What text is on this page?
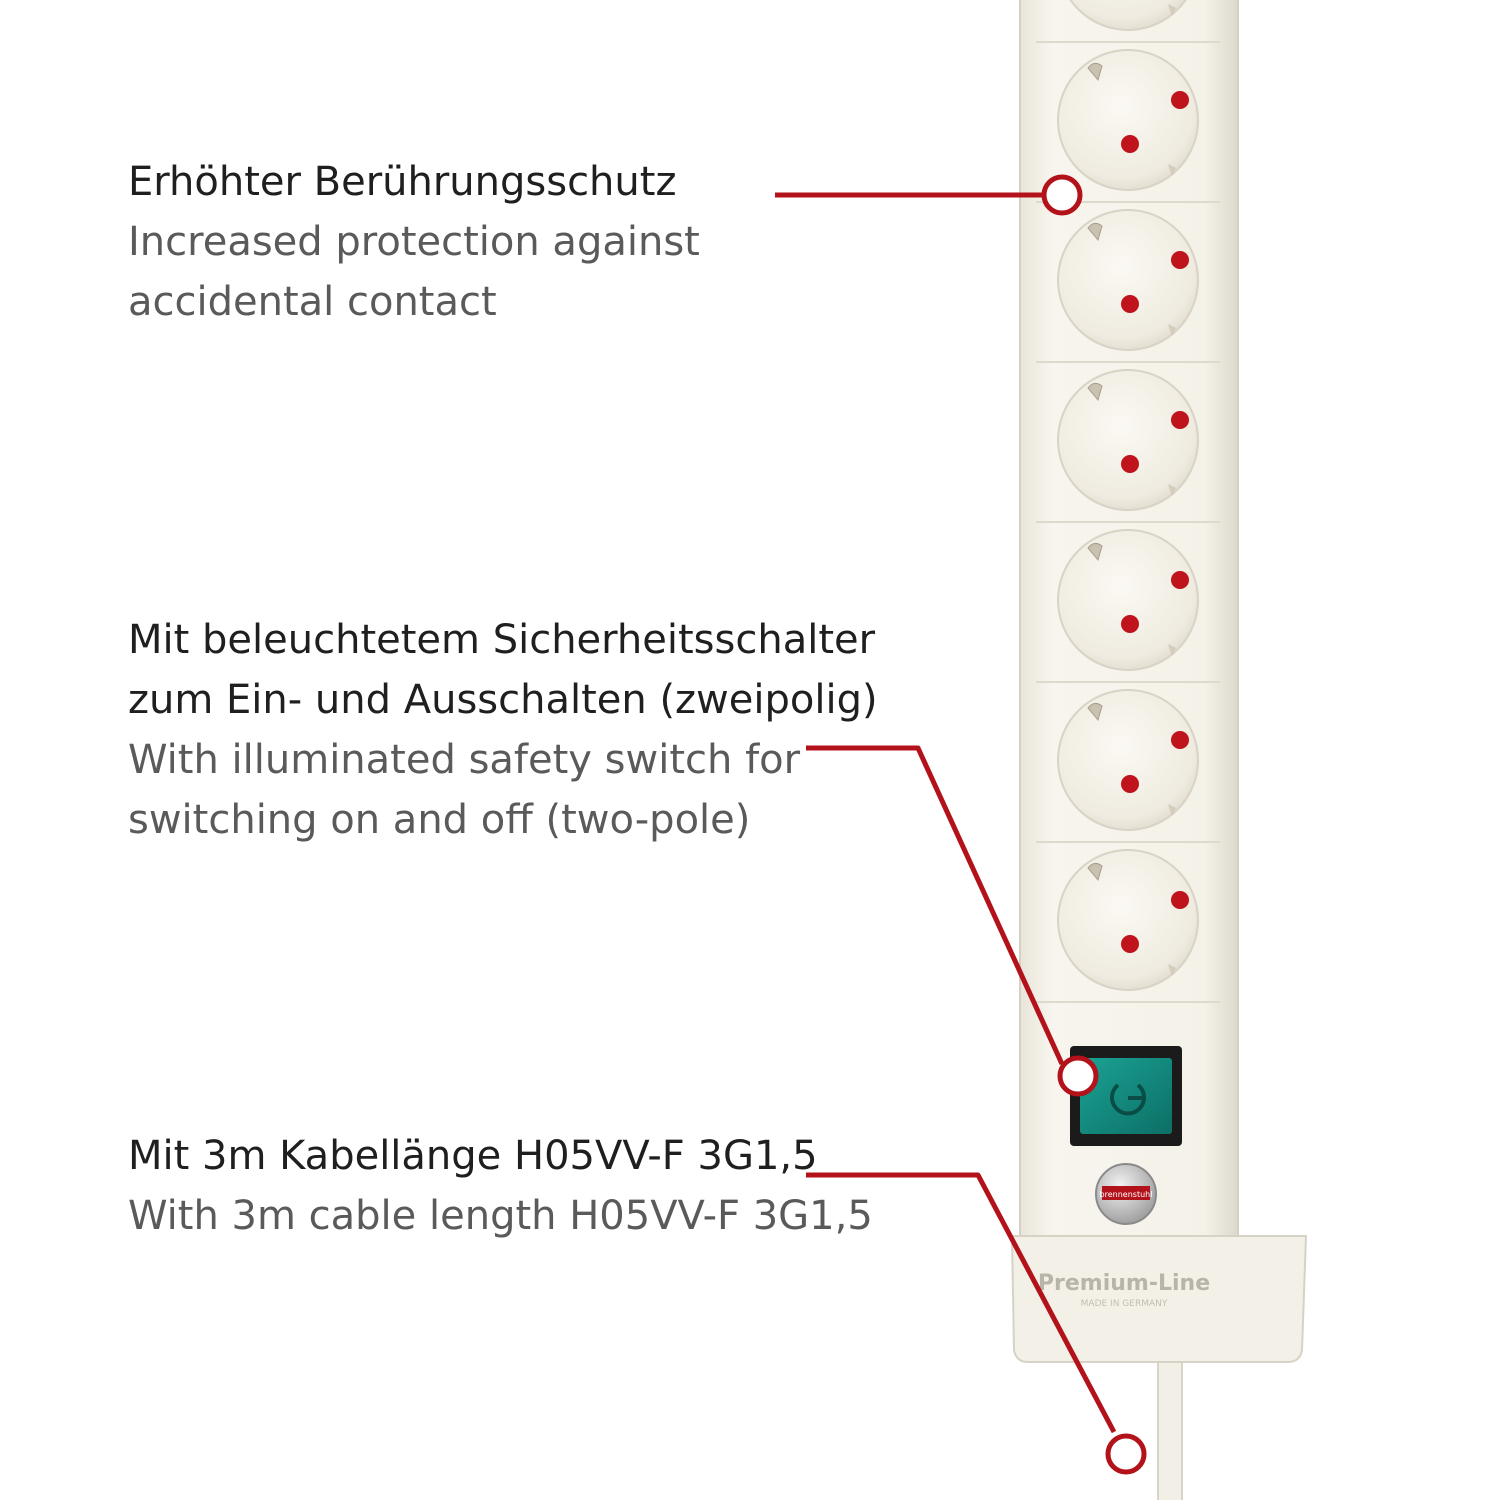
brennenstuhl
Premium-Line
MADE IN GERMANY
Erhöhter Berührungsschutz
Increased protection against accidental contact
Mit beleuchtetem Sicherheitsschalter
zum Ein- und Ausschalten (zweipolig)
With illuminated safety switch for
switching on and off (two-pole)
Mit 3m Kabellänge H05VV-F 3G1,5
With 3m cable length H05VV-F 3G1,5
